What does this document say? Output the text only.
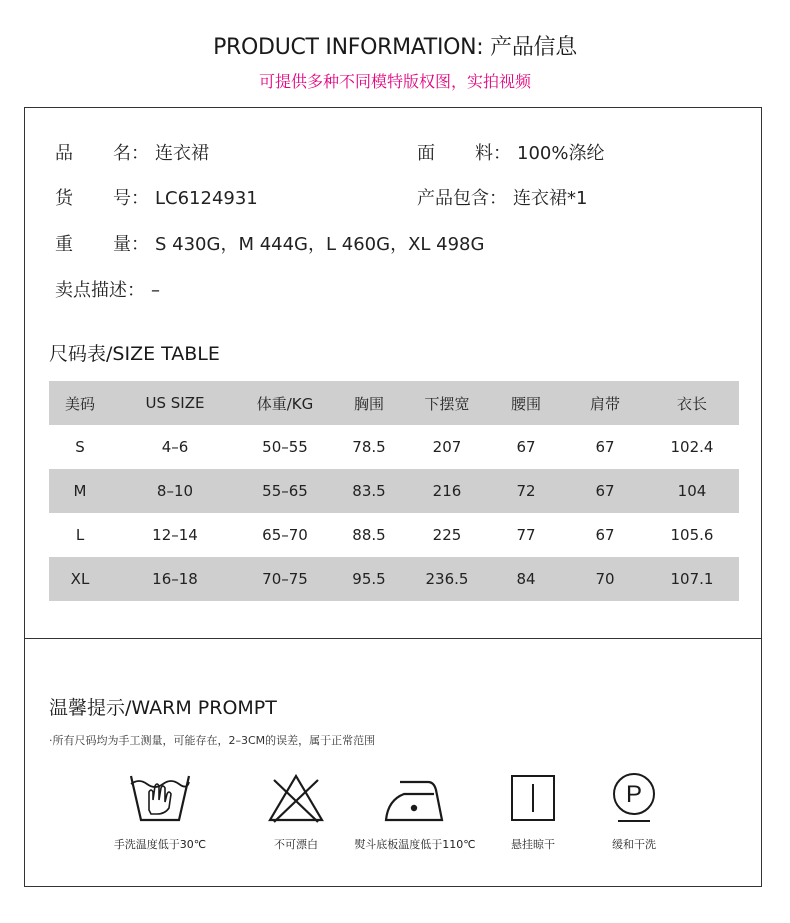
PRODUCT INFORMATION: 产品信息
可提供多种不同模特版权图，实拍视频
品名： 连衣裙	面料： 100%涤纶
货号： LC6124931	产品包含： 连衣裙*1
重量： S 430G，M 444G，L 460G，XL 498G
卖点描述： –
尺码表/SIZE TABLE
美码	US SIZE	体重/KG	胸围	下摆宽	腰围	肩带	衣长
S	4–6	50–55	78.5	207	67	67	102.4
M	8–10	55–65	83.5	216	72	67	104
L	12–14	65–70	88.5	225	77	67	105.6
XL	16–18	70–75	95.5	236.5	84	70	107.1
温馨提示/WARM PROMPT
·所有尺码均为手工测量，可能存在，2–3CM的误差，属于正常范围
手洗温度低于30℃	不可漂白	熨斗底板温度低于110℃	悬挂晾干
P
缓和干洗
